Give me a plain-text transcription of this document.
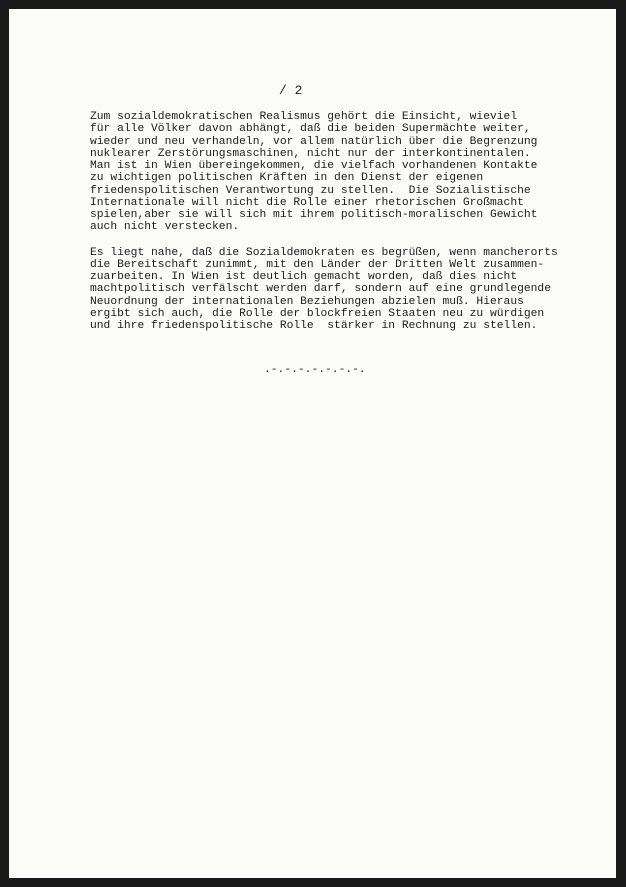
/ 2
Zum sozialdemokratischen Realismus gehört die Einsicht, wieviel
für alle Völker davon abhängt, daß die beiden Supermächte weiter,
wieder und neu verhandeln, vor allem natürlich über die Begrenzung
nuklearer Zerstörungsmaschinen, nicht nur der interkontinentalen.
Man ist in Wien übereingekommen, die vielfach vorhandenen Kontakte
zu wichtigen politischen Kräften in den Dienst der eigenen
friedenspolitischen Verantwortung zu stellen.  Die Sozialistische
Internationale will nicht die Rolle einer rhetorischen Großmacht
spielen,aber sie will sich mit ihrem politisch-moralischen Gewicht
auch nicht verstecken.
Es liegt nahe, daß die Sozialdemokraten es begrüßen, wenn mancherorts
die Bereitschaft zunimmt, mit den Länder der Dritten Welt zusammen-
zuarbeiten. In Wien ist deutlich gemacht worden, daß dies nicht
machtpolitisch verfälscht werden darf, sondern auf eine grundlegende
Neuordnung der internationalen Beziehungen abzielen muß. Hieraus
ergibt sich auch, die Rolle der blockfreien Staaten neu zu würdigen
und ihre friedenspolitische Rolle  stärker in Rechnung zu stellen.
.-.-.-.-.-.-.-.
